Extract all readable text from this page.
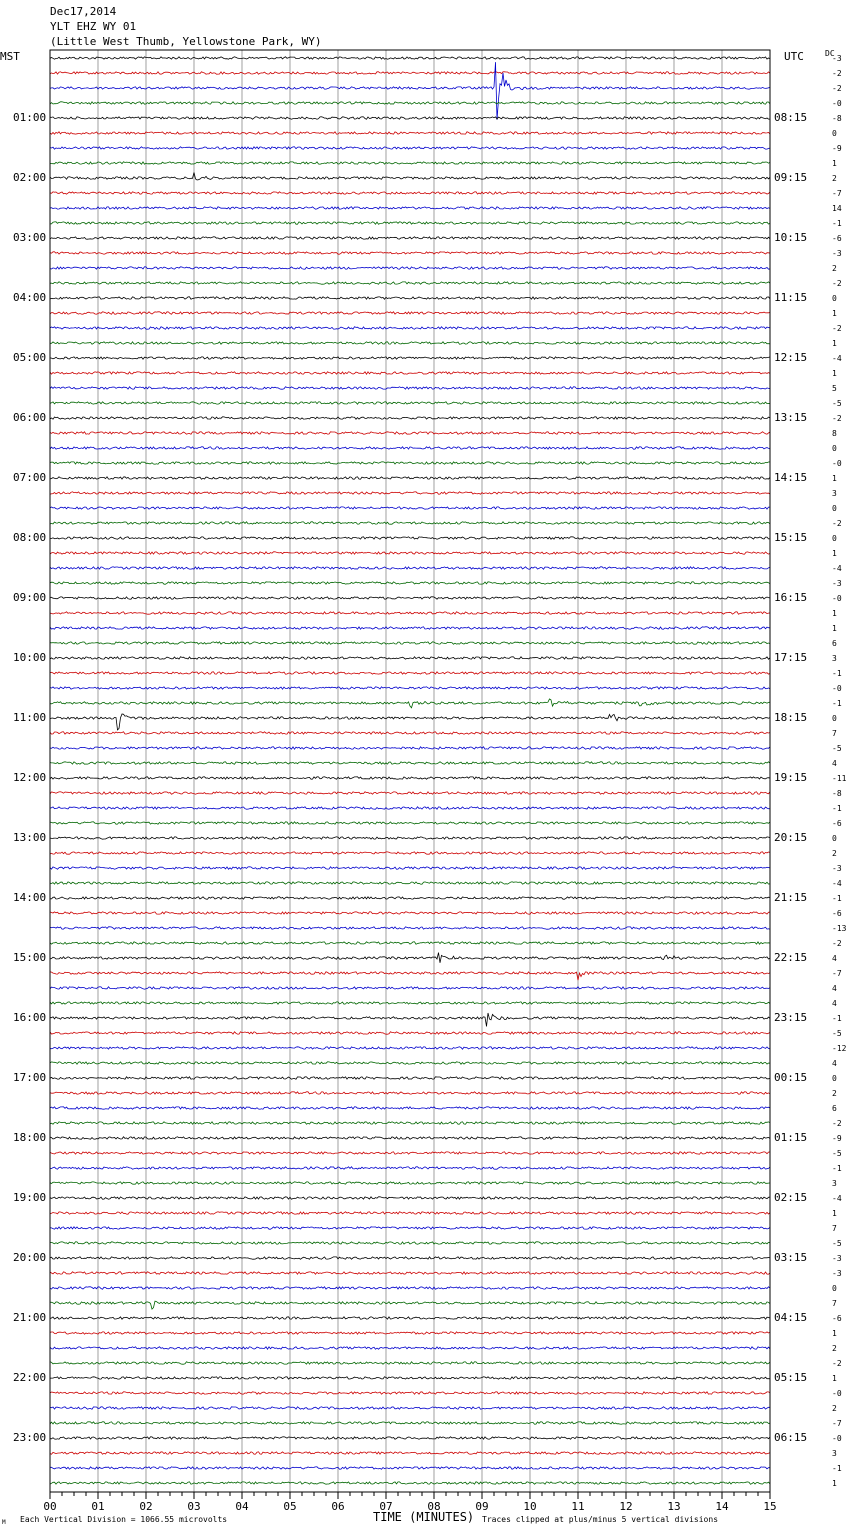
00	01	02	03	04	05	06	07	08	09	10	11	12	13	14	15
Dec17,2014
YLT EHZ WY 01
(Little West Thumb, Yellowstone Park, WY)
MST	UTC	DC
01:00
02:00
03:00
04:00
05:00
06:00
07:00
08:00
09:00
10:00
11:00
12:00
13:00
14:00
15:00
16:00
17:00
18:00
19:00
20:00
21:00
22:00
23:00
08:15
09:15
10:15
11:15
12:15
13:15
14:15
15:15
16:15
17:15
18:15
19:15
20:15
21:15
22:15
23:15
00:15
01:15
02:15
03:15
04:15
05:15
06:15
-3
-2
-2
-0
-8
0
-9
1
2
-7
14
-1
-6
-3
2
-2
0
1
-2
1
-4
1
5
-5
-2
8
0
-0
1
3
0
-2
0
1
-4
-3
-0
1
1
6
3
-1
-0
-1
0
7
-5
4
-11
-8
-1
-6
0
2
-3
-4
-1
-6
-13
-2
4
-7
4
4
-1
-5
-12
4
0
2
6
-2
-9
-5
-1
3
-4
1
7
-5
-3
-3
0
7
-6
1
2
-2
1
-0
2
-7
-0
3
-1
1
TIME (MINUTES)
Each Vertical Division = 1066.55 microvolts	Traces clipped at plus/minus 5 vertical divisions
M
